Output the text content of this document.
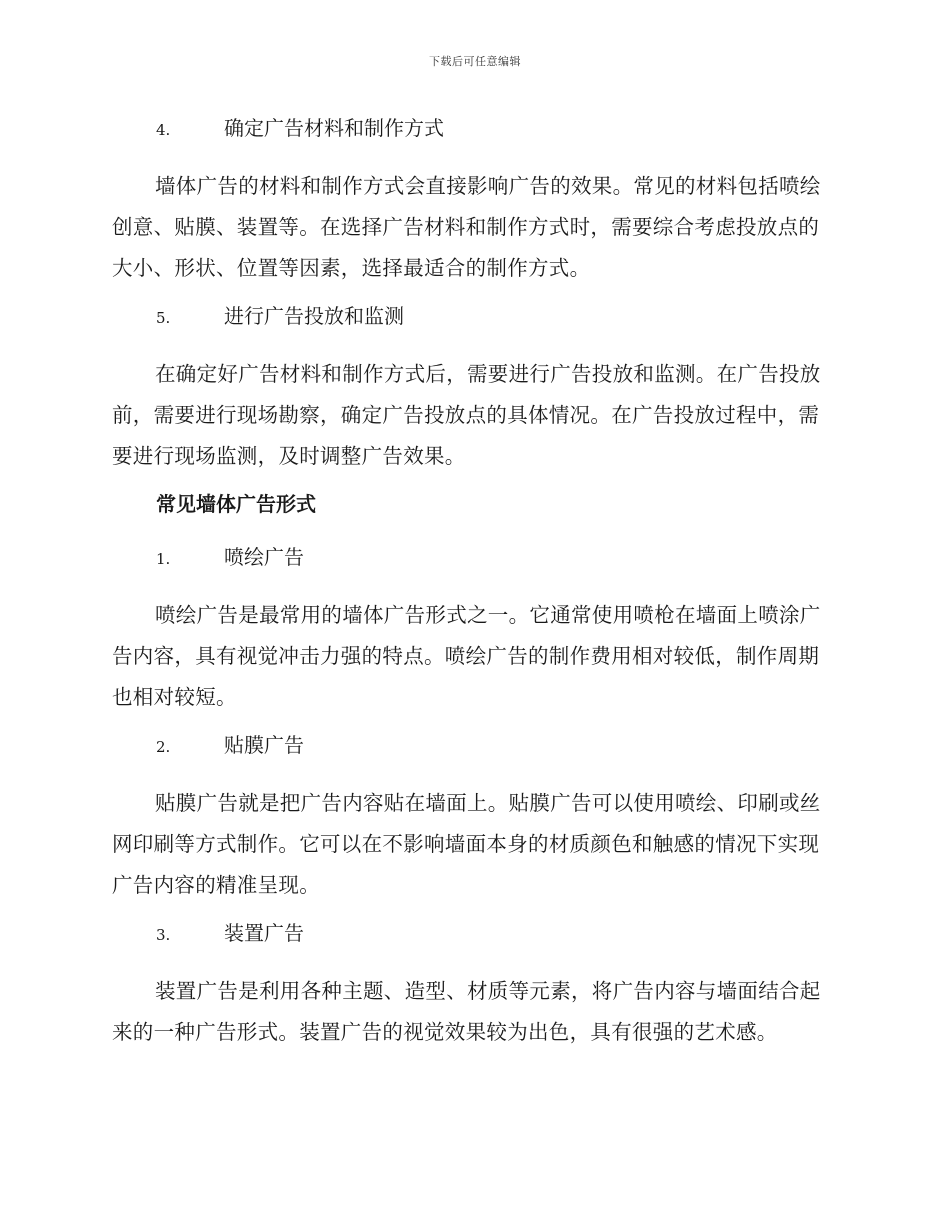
下载后可任意编辑
4.	确定广告材料和制作方式

墙体广告的材料和制作方式会直接影响广告的效果。常见的材料包括喷绘创意、贴膜、装置等。在选择广告材料和制作方式时，需要综合考虑投放点的大小、形状、位置等因素，选择最适合的制作方式。

5.	进行广告投放和监测

在确定好广告材料和制作方式后，需要进行广告投放和监测。在广告投放前，需要进行现场勘察，确定广告投放点的具体情况。在广告投放过程中，需要进行现场监测，及时调整广告效果。

常见墙体广告形式
1.	喷绘广告

喷绘广告是最常用的墙体广告形式之一。它通常使用喷枪在墙面上喷涂广告内容，具有视觉冲击力强的特点。喷绘广告的制作费用相对较低，制作周期也相对较短。

2.	贴膜广告

贴膜广告就是把广告内容贴在墙面上。贴膜广告可以使用喷绘、印刷或丝网印刷等方式制作。它可以在不影响墙面本身的材质颜色和触感的情况下实现广告内容的精准呈现。

3.	装置广告

装置广告是利用各种主题、造型、材质等元素，将广告内容与墙面结合起来的一种广告形式。装置广告的视觉效果较为出色，具有很强的艺术感。
